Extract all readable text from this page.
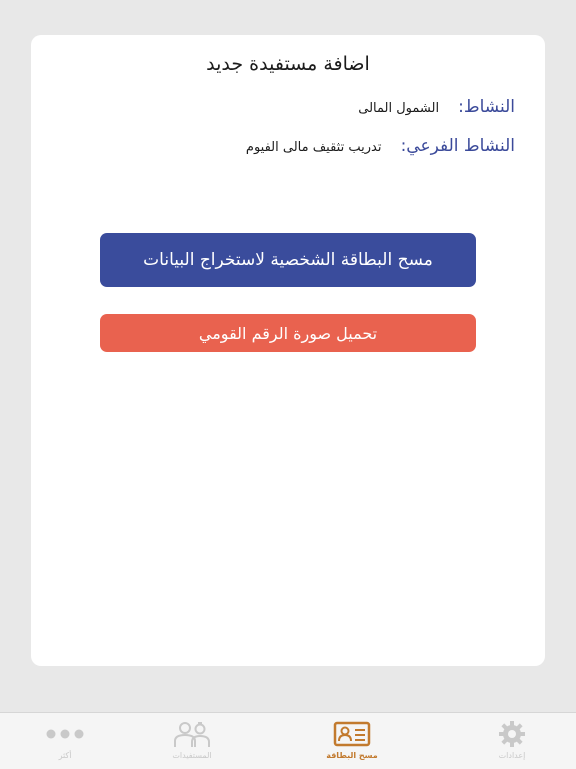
اضافة مستفيدة جديد
النشاط: الشمول المالى
النشاط الفرعي: تدريب تثقيف مالى الفيوم
مسح البطاقة الشخصية لاستخراج البيانات
تحميل صورة الرقم القومي
أكثر	المستفيدات	مسح البطاقة	إعدادات
